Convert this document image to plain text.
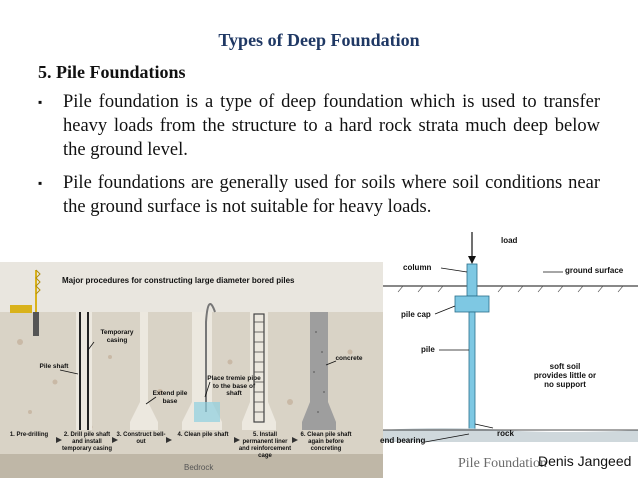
Types of Deep Foundation
5. Pile Foundations
▪ Pile foundation is a type of deep foundation which is used to transfer heavy loads from the structure to a hard rock strata much deep below the ground level.
▪ Pile foundations are generally used for soils where soil conditions near the ground surface is not suitable for heavy loads.
Major procedures for constructing large diameter bored piles
Temporary casing
Pile shaft
Extend pile base
Place tremie pipe to the base of shaft
concrete
Bedrock
1. Pre-drilling	2. Drill pile shaft and install temporary casing
3. Construct bell-out
4. Clean pile shaft	5. Install permanent liner and reinforcement cage
6. Clean pile shaft again before concreting
load
column	ground surface
pile cap
pile
soft soil provides little or no support
end bearing
rock
Pile Foundation
Denis Jangeed
